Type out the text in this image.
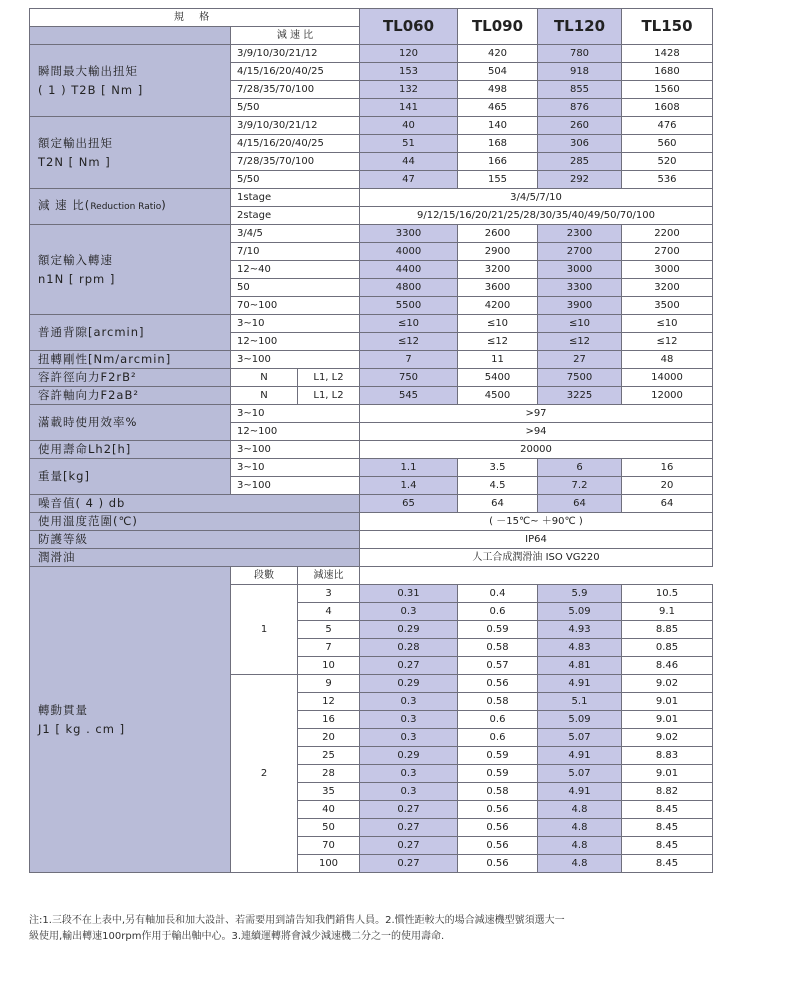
規 格			TL060	TL090	TL120	TL150
	減 速 比					

瞬間最大輸出扭矩
( 1 ) T2B [ Nm ]	3/9/10/30/21/12		120	420	780	1428
	4/15/16/20/40/25		153	504	918	1680
	7/28/35/70/100		132	498	855	1560
	5/50		141	465	876	1608

額定輸出扭矩
T2N [ Nm ]	3/9/10/30/21/12		40	140	260	476
	4/15/16/20/40/25		51	168	306	560
	7/28/35/70/100		44	166	285	520
	5/50		47	155	292	536
減 速 比(Reduction Ratio)	1stage		3/4/5/7/10			
	2stage		9/12/15/16/20/21/25/28/30/35/40/49/50/70/100			

額定輸入轉速
n1N [ rpm ]	3/4/5		3300	2600	2300	2200
	7/10		4000	2900	2700	2700
	12~40		4400	3200	3000	3000
	50		4800	3600	3300	3200
	70~100		5500	4200	3900	3500
普通背隙[arcmin]	3~10		≤10	≤10	≤10	≤10
	12~100		≤12	≤12	≤12	≤12
扭轉剛性[Nm/arcmin]	3~100		7	11	27	48
容許徑向力F2rB²	N	L1, L2	750	5400	7500	14000
容許軸向力F2aB²	N	L1, L2	545	4500	3225	12000
滿載時使用效率%	3~10		>97			
	12~100		>94			
使用壽命Lh2[h]	3~100		20000			
重量[kg]	3~10		1.1	3.5	6	16
	3~100		1.4	4.5	7.2	20
噪音值( 4 ) db			65	64	64	64
使用溫度范圍(℃)			( －15℃~ ＋90℃ )			
防護等級			IP64			
潤滑油			人工合成潤滑油 ISO VG220			

轉動貫量
J1 [ kg . cm ]	段數	減速比				
	1	3	0.31	0.4	5.9	10.5
		4	0.3	0.6	5.09	9.1
		5	0.29	0.59	4.93	8.85
		7	0.28	0.58	4.83	0.85
		10	0.27	0.57	4.81	8.46
	2	9	0.29	0.56	4.91	9.02
		12	0.3	0.58	5.1	9.01
		16	0.3	0.6	5.09	9.01
		20	0.3	0.6	5.07	9.02
		25	0.29	0.59	4.91	8.83
		28	0.3	0.59	5.07	9.01
		35	0.3	0.58	4.91	8.82
		40	0.27	0.56	4.8	8.45
		50	0.27	0.56	4.8	8.45
		70	0.27	0.56	4.8	8.45
		100	0.27	0.56	4.8	8.45
注:1.三段不在上表中,另有軸加長和加大設計、若需要用到請告知我們銷售人員。2.慣性距較大的場合減速機型號須選大一
級使用,輸出轉速100rpm作用于輸出軸中心。3.連續運轉將會減少減速機二分之一的使用壽命.
